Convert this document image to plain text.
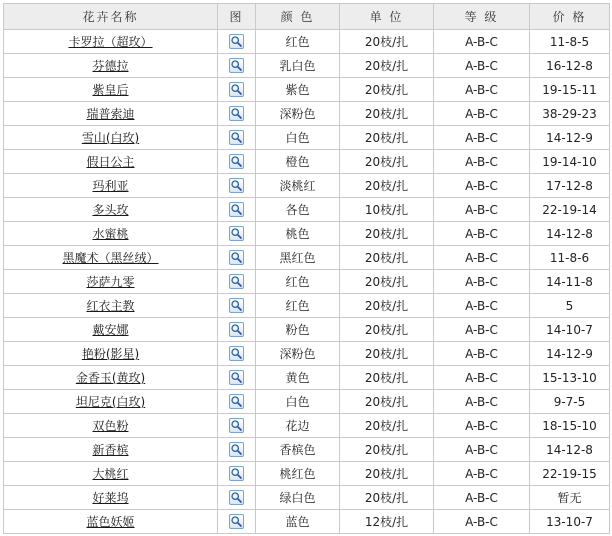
花卉名称	图	颜 色	单 位	等 级	价 格
卡罗拉（超玫）		红色	20枝/扎	A-B-C	11-8-5
芬德拉		乳白色	20枝/扎	A-B-C	16-12-8
紫皇后		紫色	20枝/扎	A-B-C	19-15-11
瑞普索迪		深粉色	20枝/扎	A-B-C	38-29-23
雪山(白玫)		白色	20枝/扎	A-B-C	14-12-9
假日公主		橙色	20枝/扎	A-B-C	19-14-10
玛利亚		淡桃红	20枝/扎	A-B-C	17-12-8
多头玫		各色	10枝/扎	A-B-C	22-19-14
水蜜桃		桃色	20枝/扎	A-B-C	14-12-8
黑魔术（黑丝绒）		黑红色	20枝/扎	A-B-C	11-8-6
莎萨九零		红色	20枝/扎	A-B-C	14-11-8
红衣主教		红色	20枝/扎	A-B-C	5
戴安娜		粉色	20枝/扎	A-B-C	14-10-7
艳粉(影星)		深粉色	20枝/扎	A-B-C	14-12-9
金香玉(黄玫)		黄色	20枝/扎	A-B-C	15-13-10
坦尼克(白玫)		白色	20枝/扎	A-B-C	9-7-5
双色粉		花边	20枝/扎	A-B-C	18-15-10
新香槟		香槟色	20枝/扎	A-B-C	14-12-8
大桃红		桃红色	20枝/扎	A-B-C	22-19-15
好莱坞		绿白色	20枝/扎	A-B-C	暂无
蓝色妖姬		蓝色	12枝/扎	A-B-C	13-10-7
